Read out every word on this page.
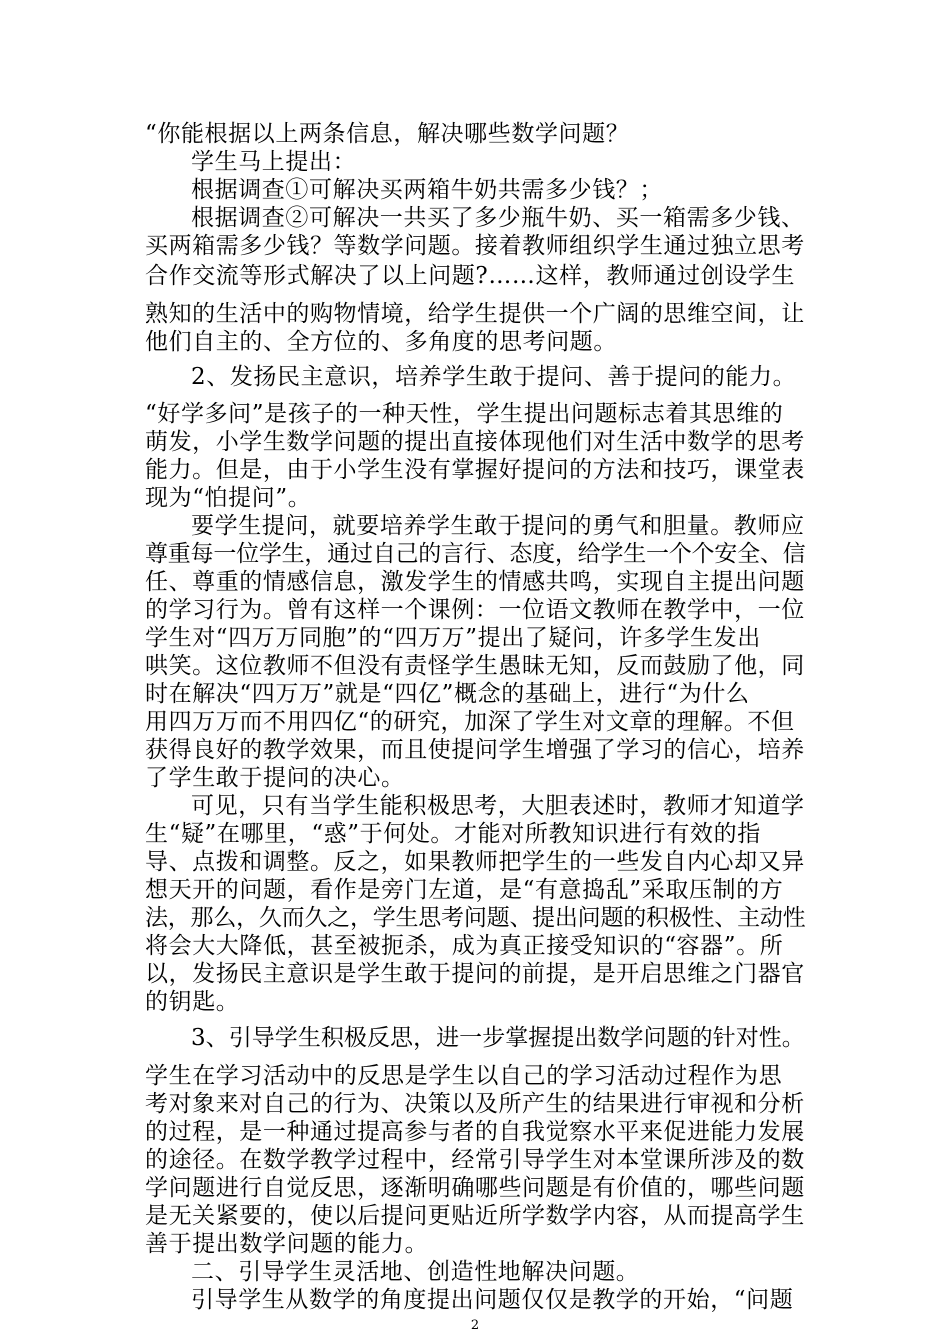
“你能根据以上两条信息，解决哪些数学问题？
学生马上提出：
根据调查①可解决买两箱牛奶共需多少钱？；
根据调查②可解决一共买了多少瓶牛奶、买一箱需多少钱、
买两箱需多少钱？等数学问题。接着教师组织学生通过独立思考
合作交流等形式解决了以上问题?……这样，教师通过创设学生
熟知的生活中的购物情境，给学生提供一个广阔的思维空间，让
他们自主的、全方位的、多角度的思考问题。
2、发扬民主意识，培养学生敢于提问、善于提问的能力。
“好学多问”是孩子的一种天性，学生提出问题标志着其思维的
萌发，小学生数学问题的提出直接体现他们对生活中数学的思考
能力。但是，由于小学生没有掌握好提问的方法和技巧，课堂表
现为“怕提问”。
要学生提问，就要培养学生敢于提问的勇气和胆量。教师应
尊重每一位学生，通过自己的言行、态度，给学生一个个安全、信
任、尊重的情感信息，激发学生的情感共鸣，实现自主提出问题
的学习行为。曾有这样一个课例：一位语文教师在教学中，一位
学生对“四万万同胞”的“四万万”提出了疑问，许多学生发出
哄笑。这位教师不但没有责怪学生愚昧无知，反而鼓励了他，同
时在解决“四万万”就是“四亿”概念的基础上，进行“为什么
用四万万而不用四亿“的研究，加深了学生对文章的理解。不但
获得良好的教学效果，而且使提问学生增强了学习的信心，培养
了学生敢于提问的决心。
可见，只有当学生能积极思考，大胆表述时，教师才知道学
生“疑”在哪里，“惑”于何处。才能对所教知识进行有效的指
导、点拨和调整。反之，如果教师把学生的一些发自内心却又异
想天开的问题，看作是旁门左道，是“有意捣乱”采取压制的方
法，那么，久而久之，学生思考问题、提出问题的积极性、主动性
将会大大降低，甚至被扼杀，成为真正接受知识的“容器”。所
以，发扬民主意识是学生敢于提问的前提，是开启思维之门器官
的钥匙。
3、引导学生积极反思，进一步掌握提出数学问题的针对性。
学生在学习活动中的反思是学生以自己的学习活动过程作为思
考对象来对自己的行为、决策以及所产生的结果进行审视和分析
的过程，是一种通过提高参与者的自我觉察水平来促进能力发展
的途径。在数学教学过程中，经常引导学生对本堂课所涉及的数
学问题进行自觉反思，逐渐明确哪些问题是有价值的，哪些问题
是无关紧要的，使以后提问更贴近所学数学内容，从而提高学生
善于提出数学问题的能力。
二、引导学生灵活地、创造性地解决问题。
引导学生从数学的角度提出问题仅仅是教学的开始，“问题
2
